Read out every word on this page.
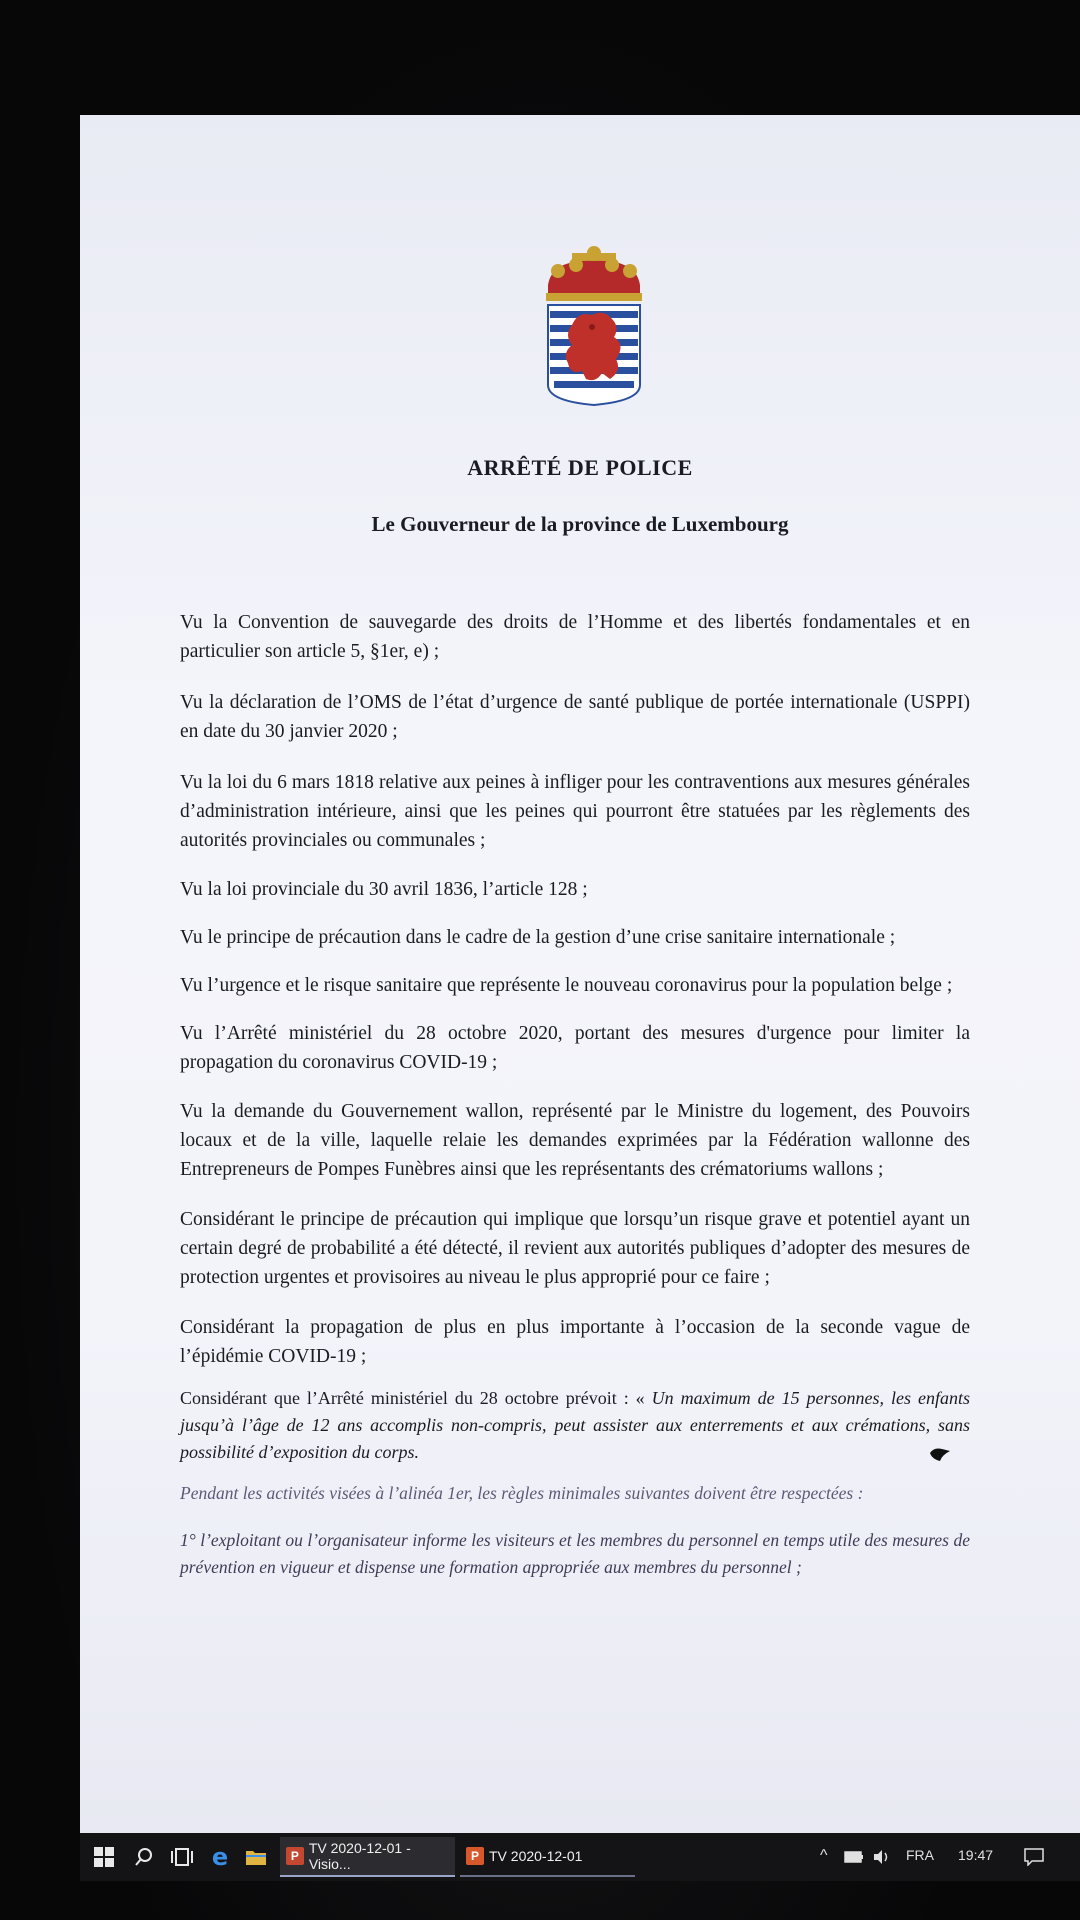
ARRÊTÉ DE POLICE
Le Gouverneur de la province de Luxembourg
Vu la Convention de sauvegarde des droits de l’Homme et des libertés fondamentales et en particulier son article 5, §1er, e) ;
Vu la déclaration de l’OMS de l’état d’urgence de santé publique de portée internationale (USPPI) en date du 30 janvier 2020 ;
Vu la loi du 6 mars 1818 relative aux peines à infliger pour les contraventions aux mesures générales d’administration intérieure, ainsi que les peines qui pourront être statuées par les règlements des autorités provinciales ou communales ;
Vu la loi provinciale du 30 avril 1836, l’article 128 ;
Vu le principe de précaution dans le cadre de la gestion d’une crise sanitaire internationale ;
Vu l’urgence et le risque sanitaire que représente le nouveau coronavirus pour la population belge ;
Vu l’Arrêté ministériel du 28 octobre 2020, portant des mesures d'urgence pour limiter la propagation du coronavirus COVID-19 ;
Vu la demande du Gouvernement wallon, représenté par le Ministre du logement, des Pouvoirs locaux et de la ville, laquelle relaie les demandes exprimées par la Fédération wallonne des Entrepreneurs de Pompes Funèbres ainsi que les représentants des crématoriums wallons ;
Considérant le principe de précaution qui implique que lorsqu’un risque grave et potentiel ayant un certain degré de probabilité a été détecté, il revient aux autorités publiques d’adopter des mesures de protection urgentes et provisoires au niveau le plus approprié pour ce faire ;
Considérant la propagation de plus en plus importante à l’occasion de la seconde vague de l’épidémie COVID-19 ;
Considérant que l’Arrêté ministériel du 28 octobre prévoit : « Un maximum de 15 personnes, les enfants jusqu’à l’âge de 12 ans accomplis non-compris, peut assister aux enterrements et aux crémations, sans possibilité d’exposition du corps.
Pendant les activités visées à l’alinéa 1er, les règles minimales suivantes doivent être respectées :
1° l’exploitant ou l’organisateur informe les visiteurs et les membres du personnel en temps utile des mesures de prévention en vigueur et dispense une formation appropriée aux membres du personnel ;
e	P TV 2020-12-01 - Visio...	P TV 2020-12-01	^	FRA 19:47
